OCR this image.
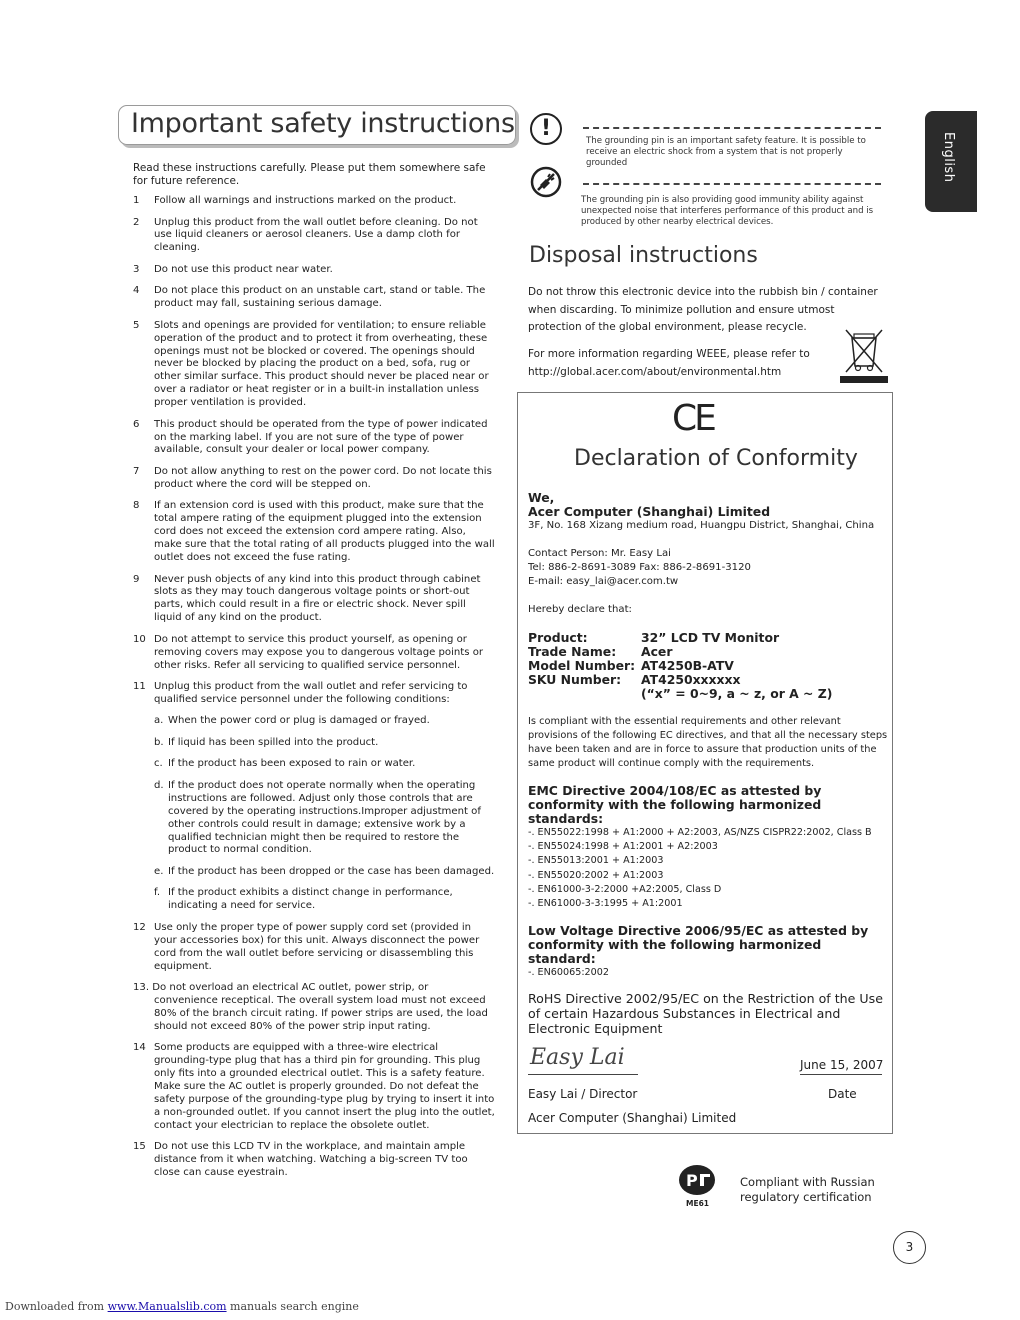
English
Important safety instructions
Read these instructions carefully. Please put them somewhere safe for future reference.
1	Follow all warnings and instructions marked on the product.
2	Unplug this product from the wall outlet before cleaning. Do not use liquid cleaners or aerosol cleaners. Use a damp cloth for cleaning.
3	Do not use this product near water.
4	Do not place this product on an unstable cart, stand or table. The product may fall, sustaining serious damage.
5	Slots and openings are provided for ventilation; to ensure reliable operation of the product and to protect it from overheating, these openings must not be blocked or covered. The openings should never be blocked by placing the product on a bed, sofa, rug or other similar surface. This product should never be placed near or over a radiator or heat register or in a built-in installation unless proper ventilation is provided.
6	This product should be operated from the type of power indicated on the marking label. If you are not sure of the type of power available, consult your dealer or local power company.
7	Do not allow anything to rest on the power cord. Do not locate this product where the cord will be stepped on.
8	If an extension cord is used with this product, make sure that the total ampere rating of the equipment plugged into the extension cord does not exceed the extension cord ampere rating. Also, make sure that the total rating of all products plugged into the wall outlet does not exceed the fuse rating.
9	Never push objects of any kind into this product through cabinet slots as they may touch dangerous voltage points or short-out parts, which could result in a fire or electric shock. Never spill liquid of any kind on the product.
10 Do not attempt to service this product yourself, as opening or removing covers may expose you to dangerous voltage points or other risks. Refer all servicing to qualified service personnel.
11 Unplug this product from the wall outlet and refer servicing to qualified service personnel under the following conditions:
a. When the power cord or plug is damaged or frayed.
b. If liquid has been spilled into the product.
c. If the product has been exposed to rain or water.
d. If the product does not operate normally when the operating instructions are followed. Adjust only those controls that are covered by the operating instructions.Improper adjustment of other controls could result in damage; extensive work by a qualified technician might then be required to restore the product to normal condition.
e. If the product has been dropped or the case has been damaged.
f. If the product exhibits a distinct change in performance, indicating a need for service.
12 Use only the proper type of power supply cord set (provided in your accessories box) for this unit. Always disconnect the power cord from the wall outlet before servicing or disassembling this equipment.
13. Do not overload an electrical AC outlet, power strip, or convenience receptical. The overall system load must not exceed 80% of the branch circuit rating. If power strips are used, the load should not exceed 80% of the power strip input rating.
14 Some products are equipped with a three-wire electrical grounding-type plug that has a third pin for grounding. This plug only fits into a grounded electrical outlet. This is a safety feature. Make sure the AC outlet is properly grounded. Do not defeat the safety purpose of the grounding-type plug by trying to insert it into a non-grounded outlet. If you cannot insert the plug into the outlet, contact your electrician to replace the obsolete outlet.
15 Do not use this LCD TV in the workplace, and maintain ample distance from it when watching. Watching a big-screen TV too close can cause eyestrain.
!	The grounding pin is an important safety feature. It is possible to receive an electric shock from a system that is not properly grounded
The grounding pin is also providing good immunity ability against unexpected noise that interferes performance of this product and is produced by other nearby electrical devices.
Disposal instructions
Do not throw this electronic device into the rubbish bin / container when discarding. To minimize pollution and ensure utmost protection of the global environment, please recycle.
For more information regarding WEEE, please refer to http://global.acer.com/about/environmental.htm
CE
Declaration of Conformity
We,
Acer Computer (Shanghai) Limited
3F, No. 168 Xizang medium road, Huangpu District, Shanghai, China
Contact Person: Mr. Easy Lai
Tel: 886-2-8691-3089 Fax: 886-2-8691-3120
E-mail: easy_lai@acer.com.tw
Hereby declare that:
Product:	32” LCD TV Monitor
Trade Name:	Acer
Model Number: AT4250B-ATV
SKU Number:	AT4250xxxxxx
(“x” = 0~9, a ~ z, or A ~ Z)
Is compliant with the essential requirements and other relevant provisions of the following EC directives, and that all the necessary steps have been taken and are in force to assure that production units of the same product will continue comply with the requirements.
EMC Directive 2004/108/EC as attested by conformity with the following harmonized standards:
-. EN55022:1998 + A1:2000 + A2:2003, AS/NZS CISPR22:2002, Class B
-. EN55024:1998 + A1:2001 + A2:2003
-. EN55013:2001 + A1:2003
-. EN55020:2002 + A1:2003
-. EN61000-3-2:2000 +A2:2005, Class D
-. EN61000-3-3:1995 + A1:2001
Low Voltage Directive 2006/95/EC as attested by conformity with the following harmonized standard:
-. EN60065:2002
RoHS Directive 2002/95/EC on the Restriction of the Use of certain Hazardous Substances in Electrical and Electronic Equipment
Easy Lai	June 15, 2007
Easy Lai / Director	Date
Acer Computer (Shanghai) Limited
P
ME61
Compliant with Russian regulatory certification
3
Downloaded from www.Manualslib.com manuals search engine
